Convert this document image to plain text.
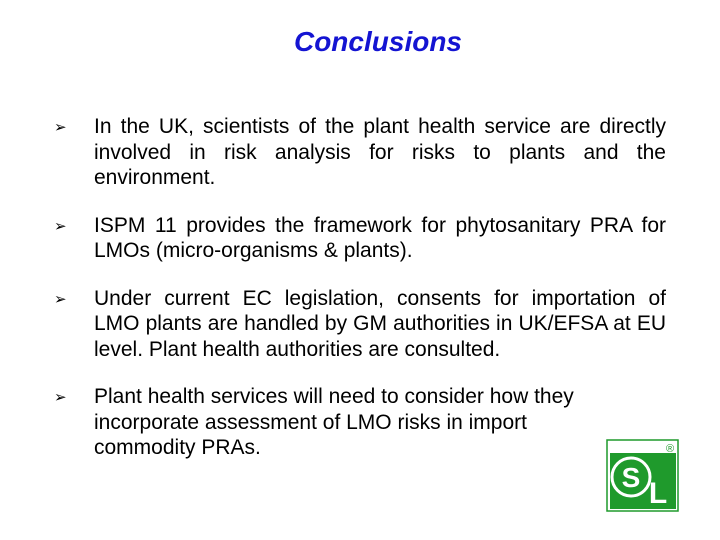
Conclusions
➢ In the UK, scientists of the plant health service are directly involved in risk analysis for risks to plants and the environment.
➢ ISPM 11 provides the framework for phytosanitary PRA for LMOs (micro-organisms & plants).
➢ Under current EC legislation, consents for importation of LMO plants are handled by GM authorities in UK/EFSA at EU level. Plant health authorities are consulted.
➢ Plant health services will need to consider how they incorporate assessment of LMO risks in import commodity PRAs.
S L
®
